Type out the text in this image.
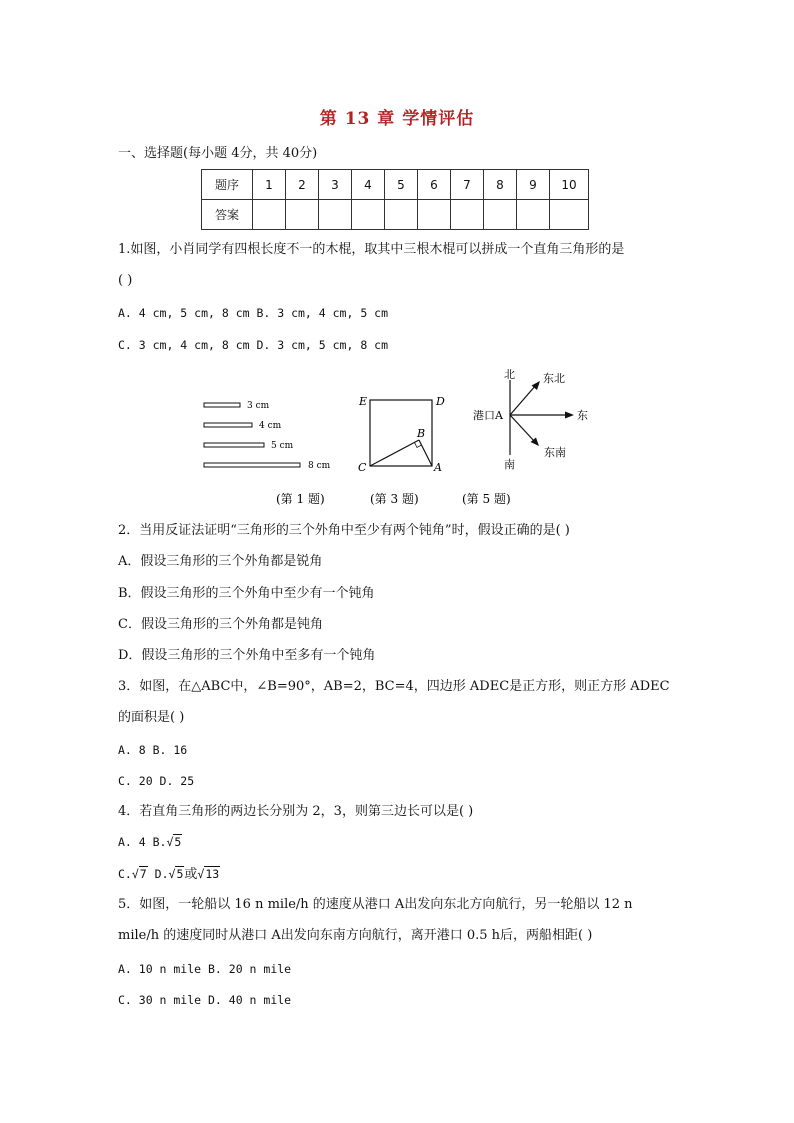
第 13 章 学情评估
一、选择题(每小题 4分，共 40分)
题序	1	2	3	4	5	6	7	8	9	10
答案										
1.如图，小肖同学有四根长度不一的木棍，取其中三根木棍可以拼成一个直角三角形的是
( )
A. 4 cm, 5 cm, 8 cm B. 3 cm, 4 cm, 5 cm
C. 3 cm, 4 cm, 8 cm D. 3 cm, 5 cm, 8 cm
3 cm
4 cm
5 cm
8 cm
E	D
B
C	A
北	东北
港口A	东
东南
南
(第 1 题)	(第 3 题)	(第 5 题)
2．当用反证法证明“三角形的三个外角中至少有两个钝角”时，假设正确的是( )
A．假设三角形的三个外角都是锐角
B．假设三角形的三个外角中至少有一个钝角
C．假设三角形的三个外角都是钝角
D．假设三角形的三个外角中至多有一个钝角
3．如图，在△ABC中，∠B=90°，AB=2，BC=4，四边形 ADEC是正方形，则正方形 ADEC
的面积是( )
A. 8 B. 16
C. 20 D. 25
4．若直角三角形的两边长分别为 2，3，则第三边长可以是( )
A. 4 B.√5
C.√7 D.√5或√13
5．如图，一轮船以 16 n mile/h 的速度从港口 A出发向东北方向航行，另一轮船以 12 n
mile/h 的速度同时从港口 A出发向东南方向航行，离开港口 0.5 h后，两船相距( )
A. 10 n mile B. 20 n mile
C. 30 n mile D. 40 n mile
